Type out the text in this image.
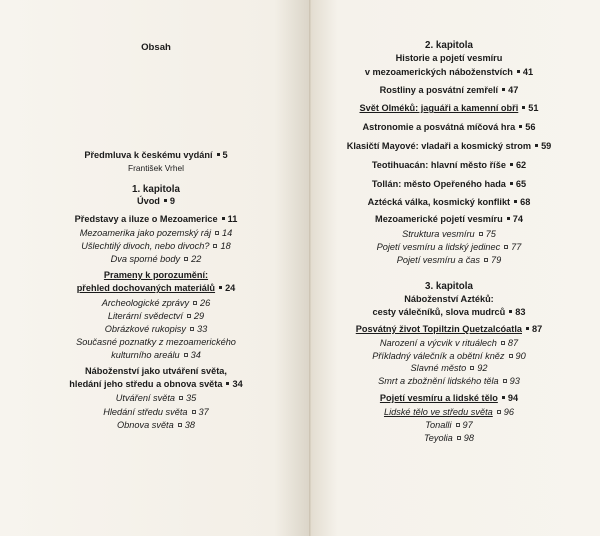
Obsah
Předmluva k českému vydání 5
František Vrhel
1. kapitola
Úvod 9
Představy a iluze o Mezoamerice 11
Mezoamerika jako pozemský ráj 14
Ušlechtilý divoch, nebo divoch? 18
Dva sporné body 22
Prameny k porozumění:
přehled dochovaných materiálů 24
Archeologické zprávy 26
Literární svědectví 29
Obrázkové rukopisy 33
Současné poznatky z mezoamerického
kulturního areálu 34
Náboženství jako utváření světa,
hledání jeho středu a obnova světa 34
Utváření světa 35
Hledání středu světa 37
Obnova světa 38
2. kapitola
Historie a pojetí vesmíru
v mezoamerických náboženstvích 41
Rostliny a posvátní zemřelí 47
Svět Olméků: jaguáři a kamenní obři 51
Astronomie a posvátná míčová hra 56
Klasičtí Mayové: vladaři a kosmický strom 59
Teotihuacán: hlavní město říše 62
Tollán: město Opeřeného hada 65
Aztécká válka, kosmický konflikt 68
Mezoamerické pojetí vesmíru 74
Struktura vesmíru 75
Pojetí vesmíru a lidský jedinec 77
Pojetí vesmíru a čas 79
3. kapitola
Náboženství Aztéků:
cesty válečníků, slova mudrců 83
Posvátný život Topiltzin Quetzalcóatla 87
Narození a výcvik v rituálech 87
Příkladný válečník a obětní kněz 90
Slavné město 92
Smrt a zbožnění lidského těla 93
Pojetí vesmíru a lidské tělo 94
Lidské tělo ve středu světa 96
Tonalli 97
Teyolia 98
